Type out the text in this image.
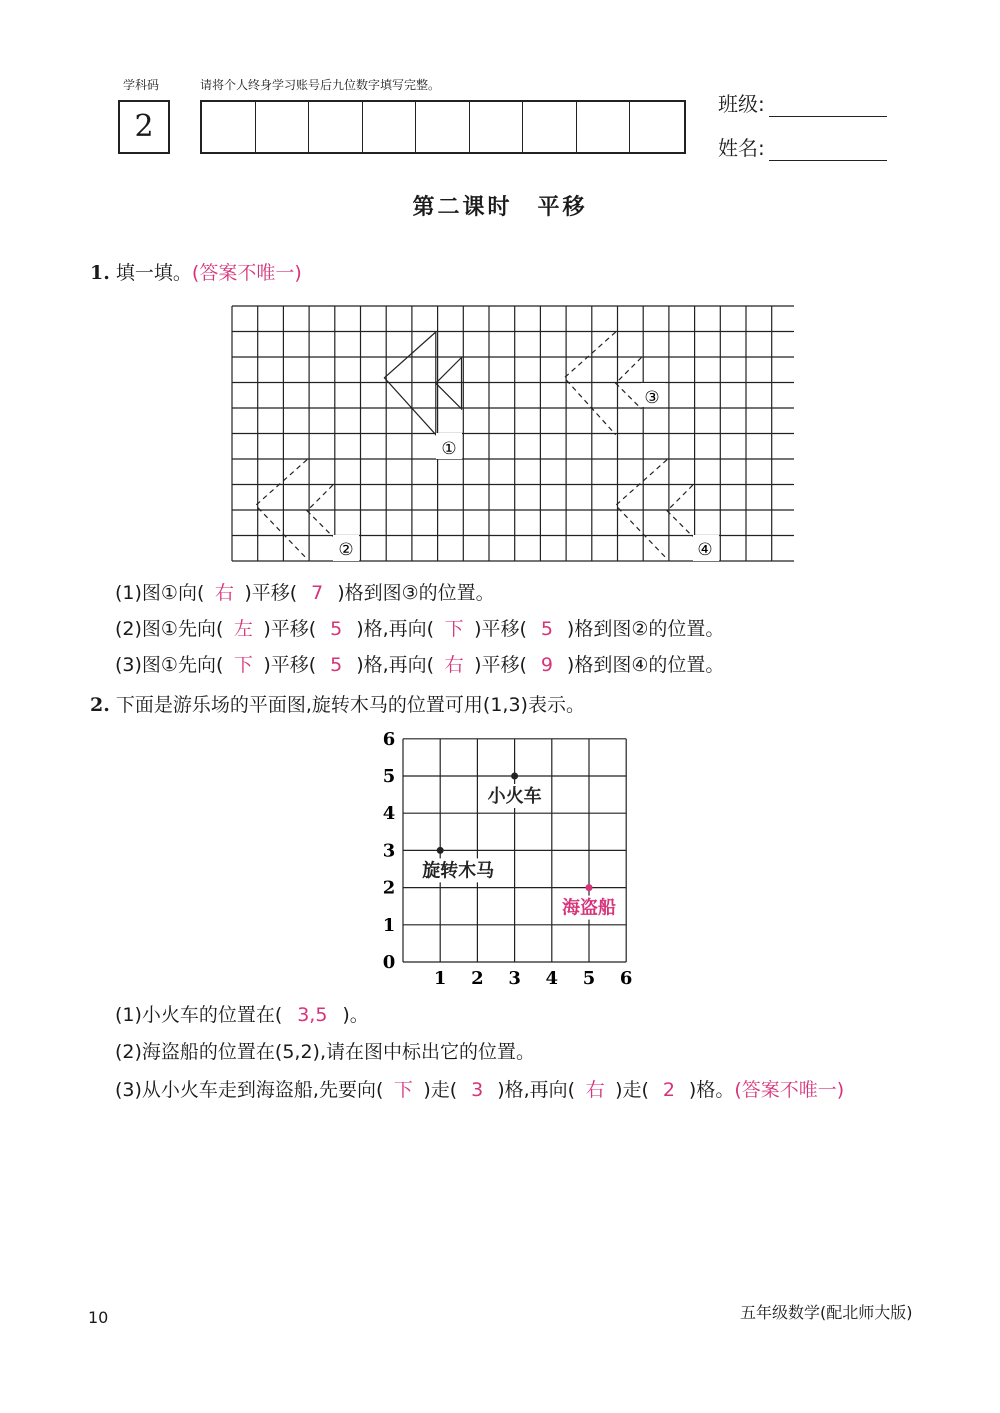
学科码	请将个人终身学习账号后九位数字填写完整。
2
班级:
姓名:
第二课时　平移
1. 填一填。(答案不唯一)
①
②
③
④
(1)图①向( 右 )平移( 7 )格到图③的位置。
(2)图①先向( 左 )平移( 5 )格,再向( 下 )平移( 5 )格到图②的位置。
(3)图①先向( 下 )平移( 5 )格,再向( 右 )平移( 9 )格到图④的位置。
2. 下面是游乐场的平面图,旋转木马的位置可用(1,3)表示。
0
1 2 3 4 5 6
1
2
3
4
5
6
小火车
旋转木马
海盗船
(1)小火车的位置在( 3,5 )。
(2)海盗船的位置在(5,2),请在图中标出它的位置。
(3)从小火车走到海盗船,先要向( 下 )走( 3 )格,再向( 右 )走( 2 )格。(答案不唯一)
10	五年级数学(配北师大版)
